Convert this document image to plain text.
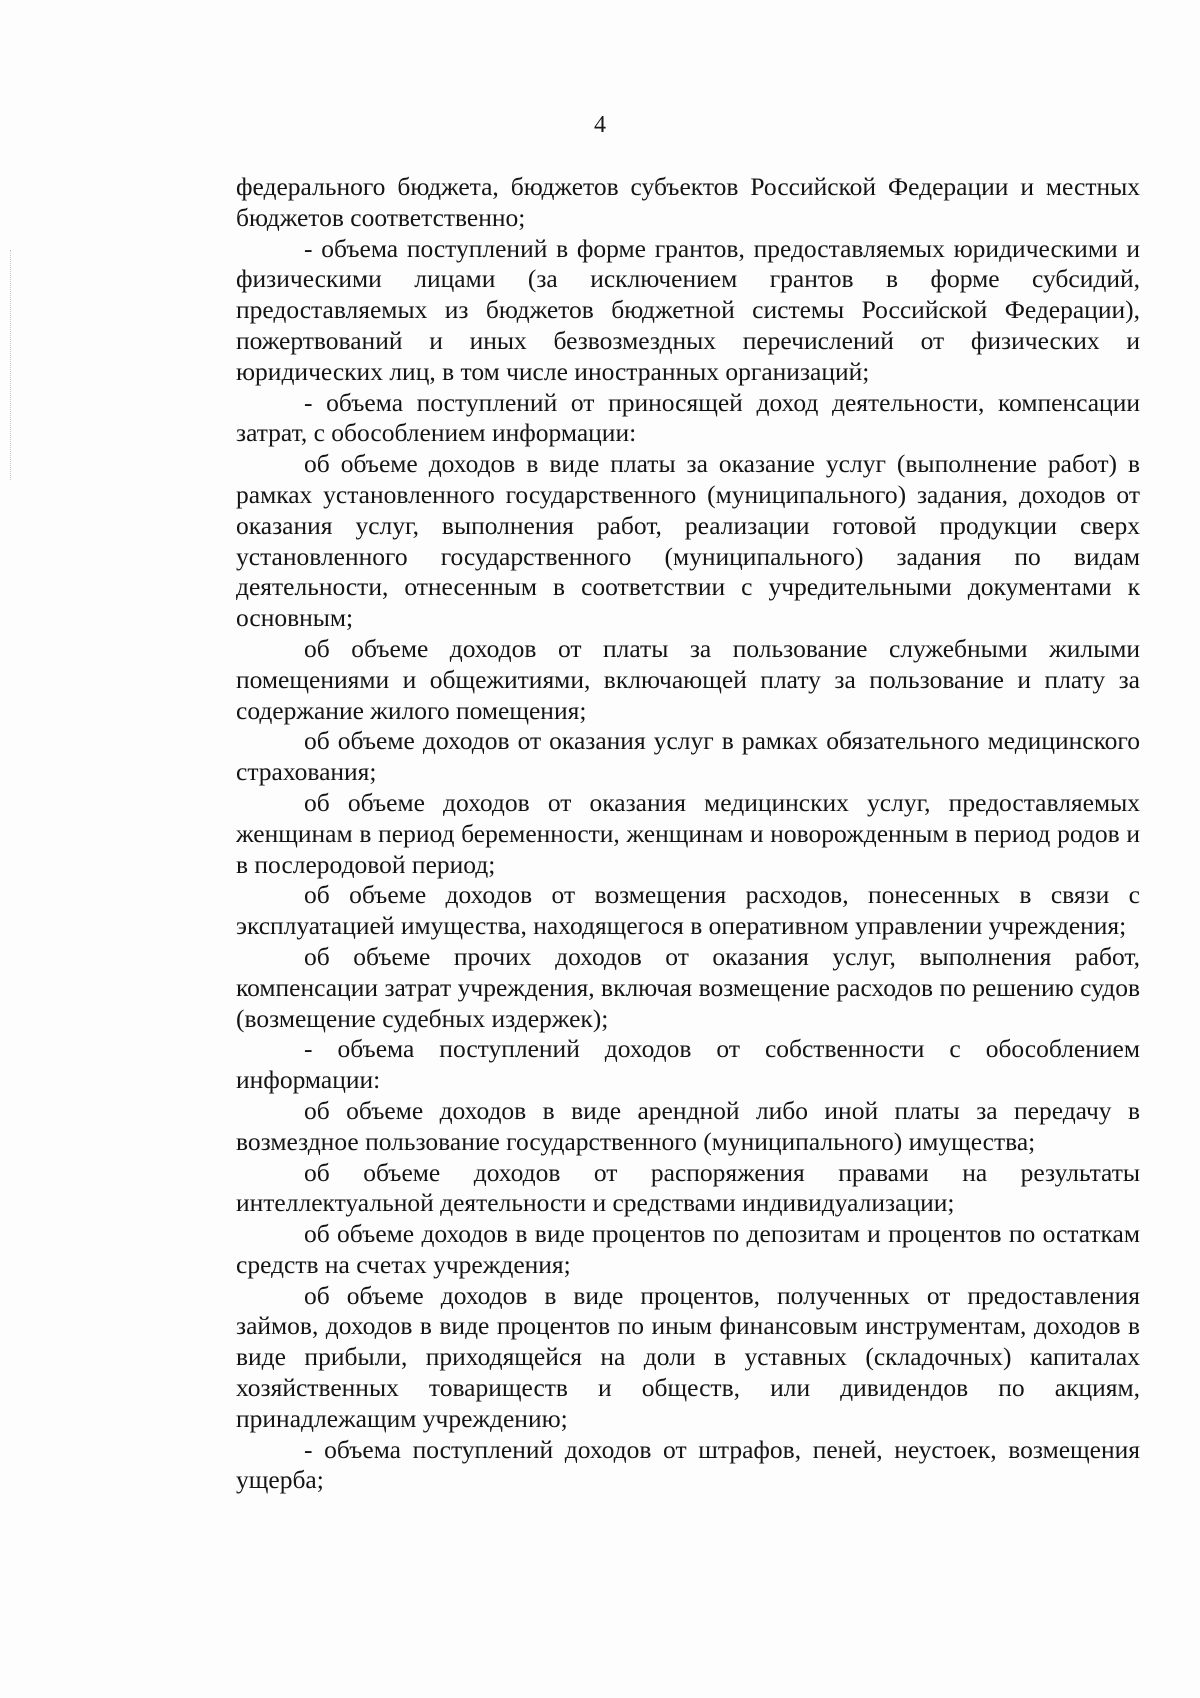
4

федерального бюджета, бюджетов субъектов Российской Федерации и местных бюджетов соответственно;

- объема поступлений в форме грантов, предоставляемых юридическими и физическими лицами (за исключением грантов в форме субсидий, предоставляемых из бюджетов бюджетной системы Российской Федерации), пожертвований и иных безвозмездных перечислений от физических и юридических лиц, в том числе иностранных организаций;

- объема поступлений от приносящей доход деятельности, компенсации затрат, с обособлением информации:

об объеме доходов в виде платы за оказание услуг (выполнение работ) в рамках установленного государственного (муниципального) задания, доходов от оказания услуг, выполнения работ, реализации готовой продукции сверх установленного государственного (муниципального) задания по видам деятельности, отнесенным в соответствии с учредительными документами к основным;

об объеме доходов от платы за пользование служебными жилыми помещениями и общежитиями, включающей плату за пользование и плату за содержание жилого помещения;

об объеме доходов от оказания услуг в рамках обязательного медицинского страхования;

об объеме доходов от оказания медицинских услуг, предоставляемых женщинам в период беременности, женщинам и новорожденным в период родов и в послеродовой период;

об объеме доходов от возмещения расходов, понесенных в связи с эксплуатацией имущества, находящегося в оперативном управлении учреждения;

об объеме прочих доходов от оказания услуг, выполнения работ, компенсации затрат учреждения, включая возмещение расходов по решению судов (возмещение судебных издержек);

- объема поступлений доходов от собственности с обособлением информации:

об объеме доходов в виде арендной либо иной платы за передачу в возмездное пользование государственного (муниципального) имущества;

об объеме доходов от распоряжения правами на результаты интеллектуальной деятельности и средствами индивидуализации;

об объеме доходов в виде процентов по депозитам и процентов по остаткам средств на счетах учреждения;

об объеме доходов в виде процентов, полученных от предоставления займов, доходов в виде процентов по иным финансовым инструментам, доходов в виде прибыли, приходящейся на доли в уставных (складочных) капиталах хозяйственных товариществ и обществ, или дивидендов по акциям, принадлежащим учреждению;

- объема поступлений доходов от штрафов, пеней, неустоек, возмещения ущерба;
